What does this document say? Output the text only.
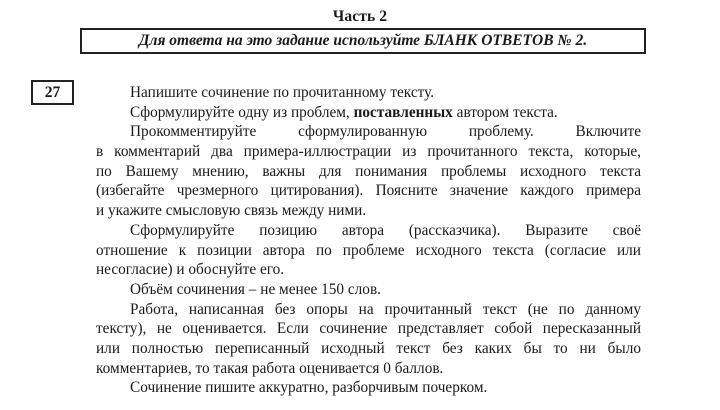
Часть 2
Для ответа на это задание используйте БЛАНК ОТВЕТОВ № 2.
27	Напишите сочинение по прочитанному тексту.
Сформулируйте одну из проблем, поставленных автором текста.
Прокомментируйте сформулированную проблему. Включите
в комментарий два примера-иллюстрации из прочитанного текста, которые,
по Вашему мнению, важны для понимания проблемы исходного текста
(избегайте чрезмерного цитирования). Поясните значение каждого примера
и укажите смысловую связь между ними.
Сформулируйте позицию автора (рассказчика). Выразите своё
отношение к позиции автора по проблеме исходного текста (согласие или
несогласие) и обоснуйте его.
Объём сочинения – не менее 150 слов.
Работа, написанная без опоры на прочитанный текст (не по данному
тексту), не оценивается. Если сочинение представляет собой пересказанный
или полностью переписанный исходный текст без каких бы то ни было
комментариев, то такая работа оценивается 0 баллов.
Сочинение пишите аккуратно, разборчивым почерком.
